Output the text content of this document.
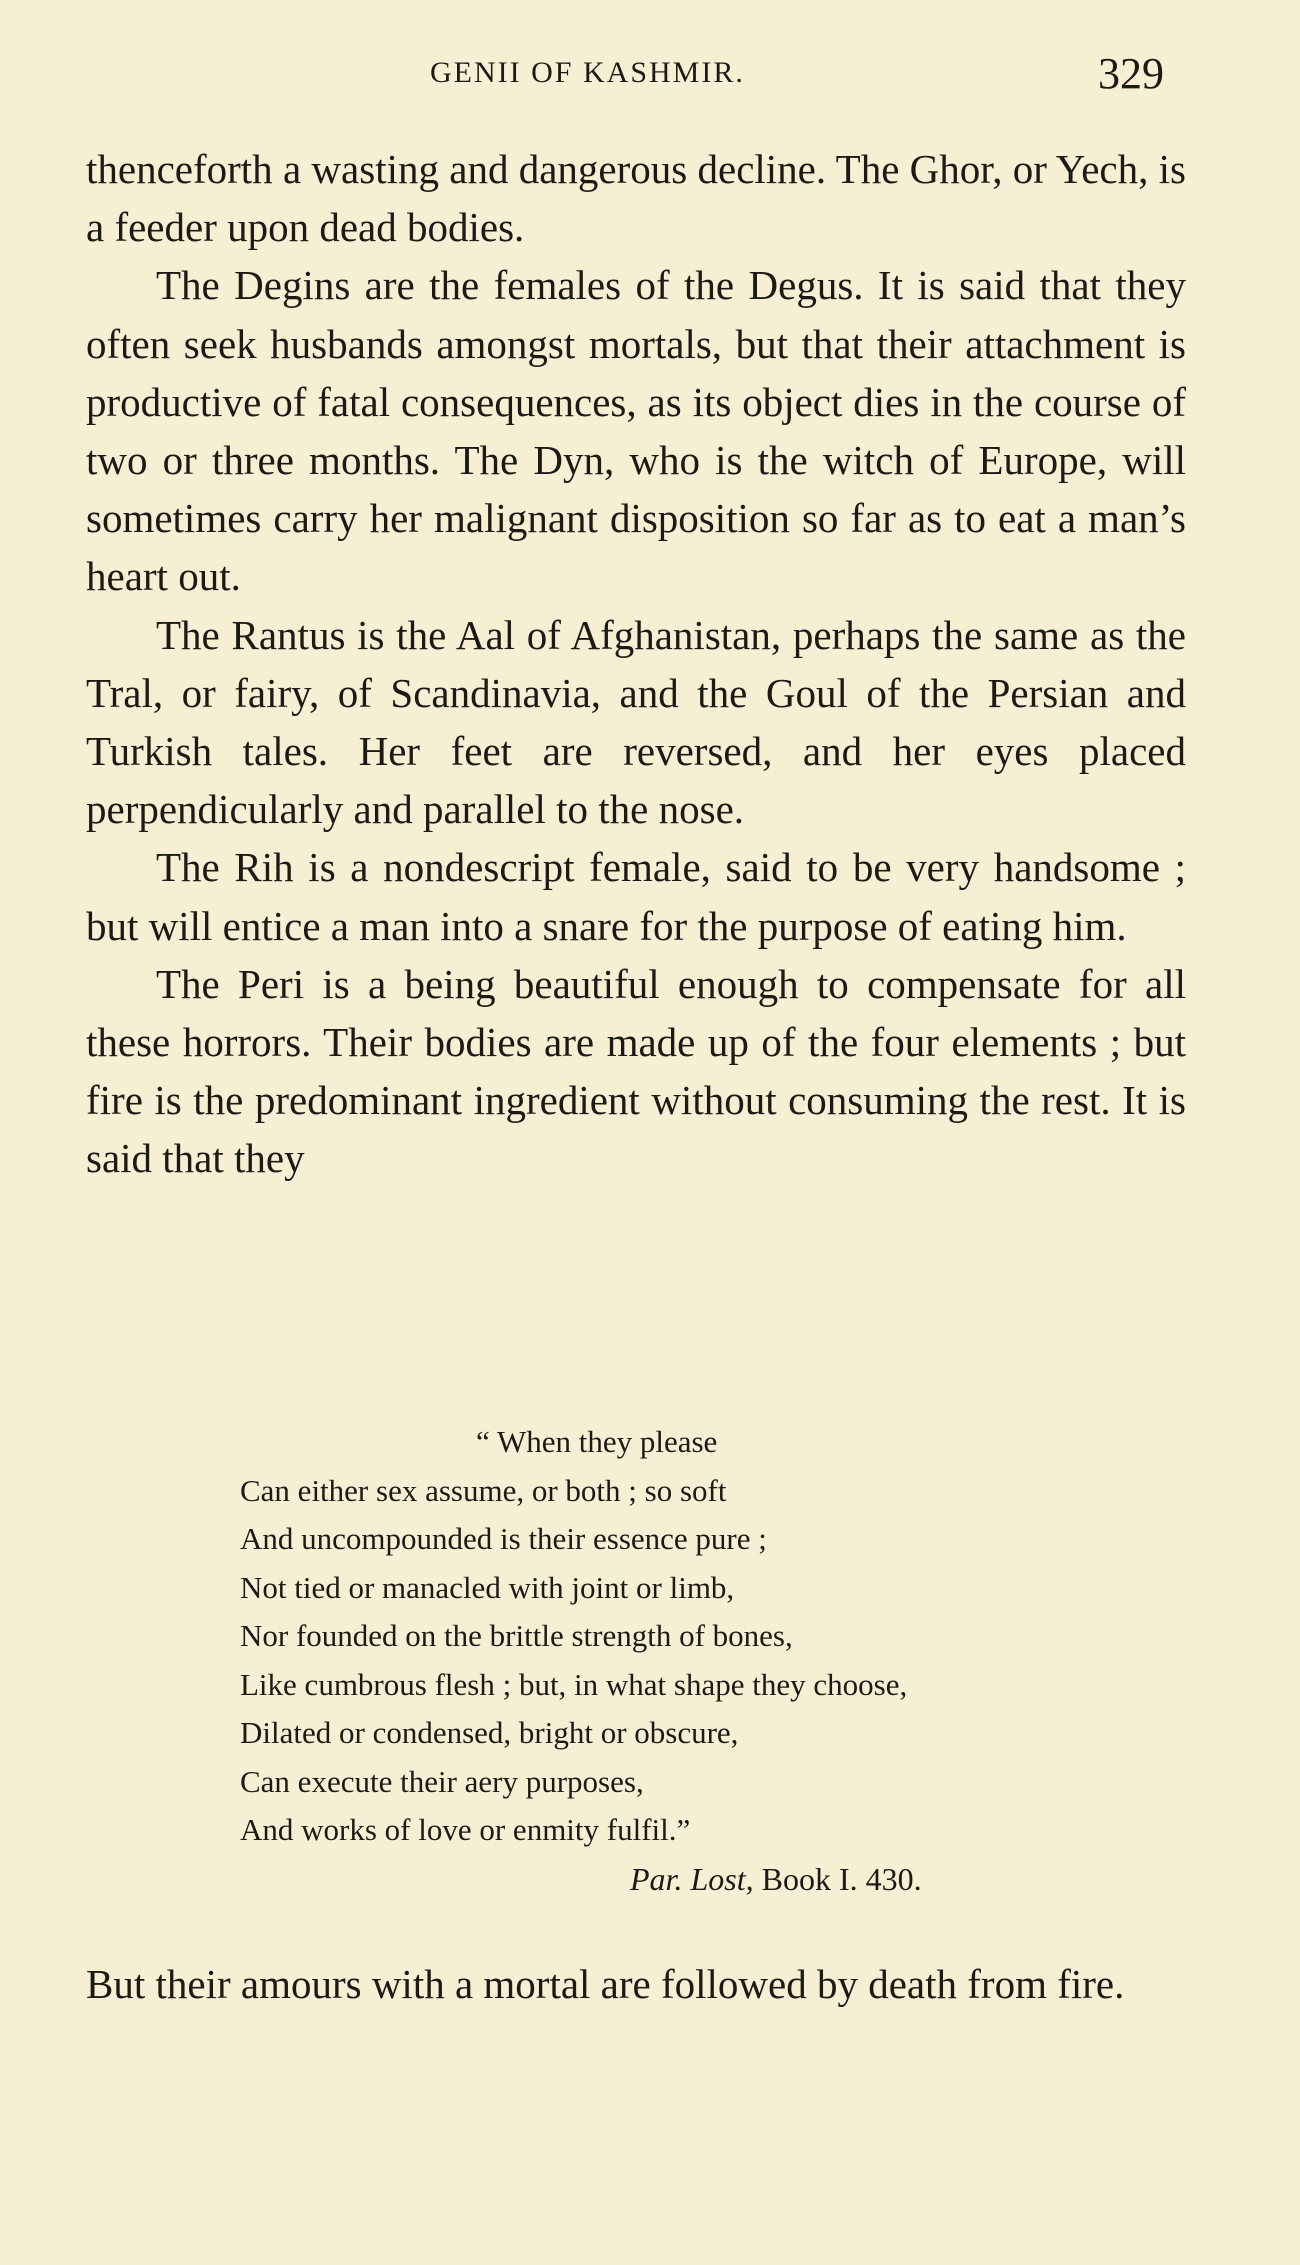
GENII OF KASHMIR.	329

thenceforth a wasting and dangerous decline. The Ghor, or Yech, is a feeder upon dead bodies.

The Degins are the females of the Degus. It is said that they often seek husbands amongst mortals, but that their attachment is productive of fatal consequences, as its object dies in the course of two or three months. The Dyn, who is the witch of Europe, will sometimes carry her malignant disposition so far as to eat a man’s heart out.

The Rantus is the Aal of Afghanistan, perhaps the same as the Tral, or fairy, of Scandinavia, and the Goul of the Persian and Turkish tales. Her feet are reversed, and her eyes placed perpendicularly and parallel to the nose.

The Rih is a nondescript female, said to be very handsome ; but will entice a man into a snare for the purpose of eating him.

The Peri is a being beautiful enough to compensate for all these horrors. Their bodies are made up of the four elements ; but fire is the predominant ingredient without consuming the rest. It is said that they

“ When they please
Can either sex assume, or both ; so soft
And uncompounded is their essence pure ;
Not tied or manacled with joint or limb,
Nor founded on the brittle strength of bones,
Like cumbrous flesh ; but, in what shape they choose,
Dilated or condensed, bright or obscure,
Can execute their aery purposes,
And works of love or enmity fulfil.”
Par. Lost, Book I. 430.

But their amours with a mortal are followed by death from fire.
